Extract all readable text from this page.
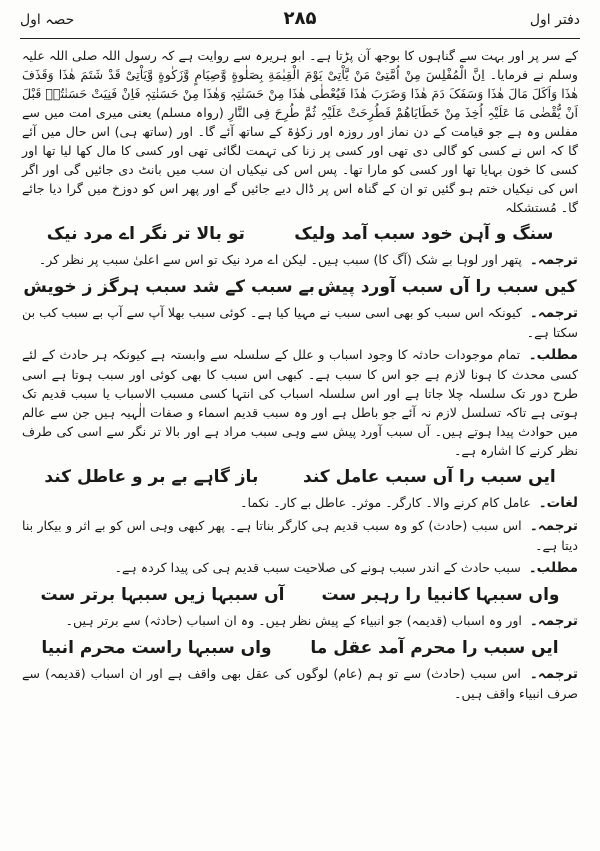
حصہ اول	۲۸۵	دفتر اول

کے سر پر اور بہت سے گناہوں کا بوجھ آن پڑتا ہے۔ ابو ہریرہ سے روایت ہے کہ رسول اللہ صلی اللہ علیہ وسلم نے فرمایا۔ اِنَّ الْمُفْلِسَ مِنْ اُمَّتِیْ مَنْ یَّاْتِیْ یَوْمَ الْقِیٰمَةِ بِصَلٰوةٍ وَّصِیَامٍ وَّزَکٰوةٍ وَّیَاْتِیْ قَدْ شَتَمَ ھٰذَا وَقَذَفَ ھٰذَا وَاَکَلَ مَالَ ھٰذَا وَسَفَکَ دَمَ ھٰذَا وَضَرَبَ ھٰذَا فَیُعْطٰی ھٰذَا مِنْ حَسَنٰتِہٖ وَھٰذَا مِنْ حَسَنٰتِہٖ فَاِنْ فَنِیَتْ حَسَنٰتُہٗ قَبْلَ اَنْ یُّقْضٰی مَا عَلَیْہِ اُخِذَ مِنْ خَطَایَاھُمْ فَطُرِحَتْ عَلَیْہِ ثُمَّ طُرِحَ فِی النَّارِ (رواہ مسلم) یعنی میری امت میں سے مفلس وہ ہے جو قیامت کے دن نماز اور روزہ اور زکوٰۃ کے ساتھ آئے گا۔ اور (ساتھ ہی) اس حال میں آئے گا کہ اس نے کسی کو گالی دی تھی اور کسی پر زنا کی تہمت لگائی تھی اور کسی کا مال کھا لیا تھا اور کسی کا خون بہایا تھا اور کسی کو مارا تھا۔ پس اس کی نیکیاں ان سب میں بانٹ دی جائیں گی اور اگر اس کی نیکیاں ختم ہو گئیں تو ان کے گناہ اس پر ڈال دیے جائیں گے اور پھر اس کو دوزخ میں گرا دیا جائے گا۔ مُستشکلہ

سنگ و آہن خود سبب آمد ولیک
تو بالا تر نگر اے مرد نیک

ترجمہ۔ پتھر اور لوہا بے شک (آگ کا) سبب ہیں۔ لیکن اے مرد نیک تو اس سے اعلیٰ سبب پر نظر کر۔

کیں سبب را آں سبب آورد پیش
بے سبب کے شد سبب ہرگز ز خویش

ترجمہ۔ کیونکہ اس سبب کو بھی اسی سبب نے مہیا کیا ہے۔ کوئی سبب بھلا آپ سے آپ بے سبب کب بن سکتا ہے۔

مطلب۔ تمام موجودات حادثہ کا وجود اسباب و علل کے سلسلہ سے وابستہ ہے کیونکہ ہر حادث کے لئے کسی محدث کا ہونا لازم ہے جو اس کا سبب ہے۔ کبھی اس سبب کا بھی کوئی اور سبب ہوتا ہے اسی طرح دور تک سلسلہ چلا جاتا ہے اور اس سلسلہ اسباب کی انتہا کسی مسبب الاسباب یا سبب قدیم تک ہوتی ہے تاکہ تسلسل لازم نہ آئے جو باطل ہے اور وہ سبب قدیم اسماء و صفات الٰہیہ ہیں جن سے عالم میں حوادث پیدا ہوتے ہیں۔ آں سبب آورد پیش سے وہی سبب مراد ہے اور بالا تر نگر سے اسی کی طرف نظر کرنے کا اشارہ ہے۔

ایں سبب را آں سبب عامل کند
باز گاہے بے بر و عاطل کند

لغات۔ عامل کام کرنے والا۔ کارگر۔ موثر۔ عاطل بے کار۔ نکما۔

ترجمہ۔ اس سبب (حادث) کو وہ سبب قدیم ہی کارگر بناتا ہے۔ پھر کبھی وہی اس کو بے اثر و بیکار بنا دیتا ہے۔

مطلب۔ سبب حادث کے اندر سبب ہونے کی صلاحیت سبب قدیم ہی کی پیدا کردہ ہے۔

واں سببہا کانبیا را رہبر ست
آں سببہا زیں سببہا برتر ست

ترجمہ۔ اور وہ اسباب (قدیمہ) جو انبیاء کے پیش نظر ہیں۔ وہ ان اسباب (حادثہ) سے برتر ہیں۔

ایں سبب را محرم آمد عقل ما
واں سببہا راست محرم انبیا

ترجمہ۔ اس سبب (حادث) سے تو ہم (عام) لوگوں کی عقل بھی واقف ہے اور ان اسباب (قدیمہ) سے صرف انبیاء واقف ہیں۔
